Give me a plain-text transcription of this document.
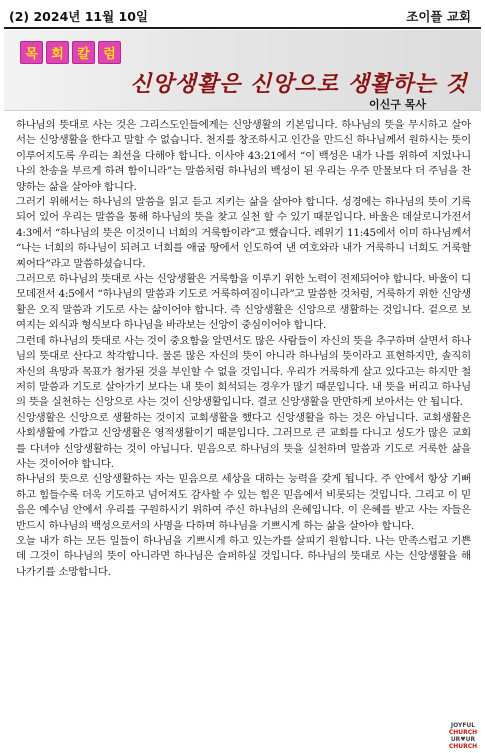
(2) 2024년 11월 10일	조이플 교회
목	회	칼	럼
신앙생활은 신앙으로 생활하는 것
이신구 목사

하나님의 뜻대로 사는 것은 그리스도인들에게는 신앙생활의 기본입니다. 하나님의 뜻을 무시하고 살아서는 신앙생활을 한다고 말할 수 없습니다. 천지를 창조하시고 인간을 만드신 하나님께서 원하시는 뜻이 이루어지도록 우리는 최선을 다해야 합니다. 이사야 43:21에서 “이 백성은 내가 나를 위하여 지었나니 나의 찬송을 부르게 하려 함이니라”는 말씀처럼 하나님의 백성이 된 우리는 우주 만물보다 더 주님을 찬양하는 삶을 살아야 합니다.

그러기 위해서는 하나님의 말씀을 읽고 듣고 지키는 삶을 살아야 합니다. 성경에는 하나님의 뜻이 기록되어 있어 우리는 말씀을 통해 하나님의 뜻을 찾고 실천 할 수 있기 때문입니다. 바울은 데살로니가전서 4:3에서 “하나님의 뜻은 이것이니 너희의 거룩함이라”고 했습니다. 레위기 11:45에서 이미 하나님께서 “나는 너희의 하나님이 되려고 너희를 애굽 땅에서 인도하여 낸 여호와라 내가 거룩하니 너희도 거룩할찌어다”라고 말씀하셨습니다.

그러므로 하나님의 뜻대로 사는 신앙생활은 거룩함을 이루기 위한 노력이 전제되어야 합니다. 바울이 디모데전서 4:5에서 “하나님의 말씀과 기도로 거룩하여짐이니라”고 말씀한 것처럼, 거룩하기 위한 신앙생활은 오직 말씀과 기도로 사는 삶이어야 합니다. 즉 신앙생활은 신앙으로 생활하는 것입니다. 겉으로 보여지는 외식과 형식보다 하나님을 바라보는 신앙이 중심이어야 합니다.

그런데 하나님의 뜻대로 사는 것이 중요함을 알면서도 많은 사람들이 자신의 뜻을 추구하며 살면서 하나님의 뜻대로 산다고 착각합니다. 물론 많은 자신의 뜻이 아니라 하나님의 뜻이라고 표현하지만, 솔직히 자신의 욕망과 목표가 첨가된 것을 부인할 수 없을 것입니다. 우리가 거룩하게 살고 있다고는 하지만 철저히 말씀과 기도로 살아가기 보다는 내 뜻이 희석되는 경우가 많기 때문입니다. 내 뜻을 버리고 하나님의 뜻을 실천하는 신앙으로 사는 것이 신앙생활입니다. 결코 신앙생활을 만만하게 보아서는 안 됩니다.

신앙생활은 신앙으로 생활하는 것이지 교회생활을 했다고 신앙생활을 하는 것은 아닙니다. 교회생활은 사회생활에 가깝고 신앙생활은 영적생활이기 때문입니다. 그러므로 큰 교회를 다니고 성도가 많은 교회를 다녀야 신앙생활하는 것이 아닙니다. 믿음으로 하나님의 뜻을 실천하며 말씀과 기도로 거룩한 삶을 사는 것이어야 합니다.

하나님의 뜻으로 신앙생활하는 자는 믿음으로 세상을 대하는 능력을 갖게 됩니다. 주 안에서 항상 기뻐하고 힘들수록 더욱 기도하고 넘어져도 감사할 수 있는 힘은 믿음에서 비롯되는 것입니다. 그리고 이 믿음은 예수님 안에서 우리를 구원하시기 위하여 주신 하나님의 은혜입니다. 이 은혜를 받고 사는 자들은 반드시 하나님의 백성으로서의 사명을 다하며 하나님을 기쁘시게 하는 삶을 살아야 합니다.

오늘 내가 하는 모든 일들이 하나님을 기쁘시게 하고 있는가를 살피기 원합니다. 나는 만족스럽고 기쁜데 그것이 하나님의 뜻이 아니라면 하나님은 슬퍼하실 것입니다. 하나님의 뜻대로 사는 신앙생활을 해 나가기를 소망합니다.

JOYFUL
CHURCH
UR♥UR
CHURCH
